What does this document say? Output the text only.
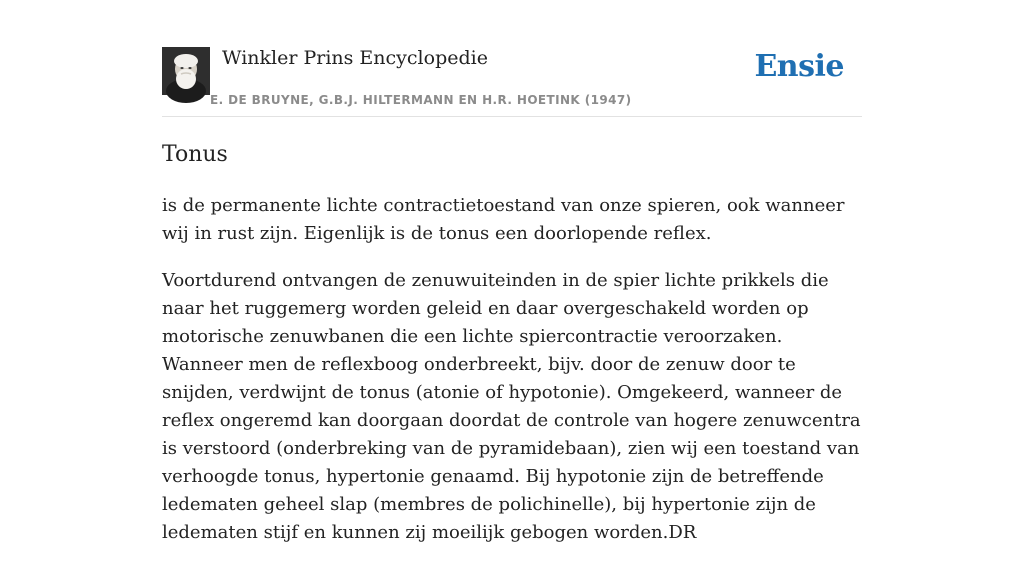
Winkler Prins Encyclopedie
E. DE BRUYNE, G.B.J. HILTERMANN EN H.R. HOETINK (1947)
Ensie
Tonus

is de permanente lichte contractietoestand van onze spieren, ook wanneer wij in rust zijn. Eigenlijk is de tonus een doorlopende reflex.

Voortdurend ontvangen de zenuwuiteinden in de spier lichte prikkels die naar het ruggemerg worden geleid en daar overgeschakeld worden op motorische zenuwbanen die een lichte spiercontractie veroorzaken. Wanneer men de reflexboog onderbreekt, bijv. door de zenuw door te snijden, verdwijnt de tonus (atonie of hypotonie). Omgekeerd, wanneer de reflex ongeremd kan doorgaan doordat de controle van hogere zenuwcentra is verstoord (onderbreking van de pyramidebaan), zien wij een toestand van verhoogde tonus, hypertonie genaamd. Bij hypotonie zijn de betreffende ledematen geheel slap (membres de polichinelle), bij hypertonie zijn de ledematen stijf en kunnen zij moeilijk gebogen worden.DR
